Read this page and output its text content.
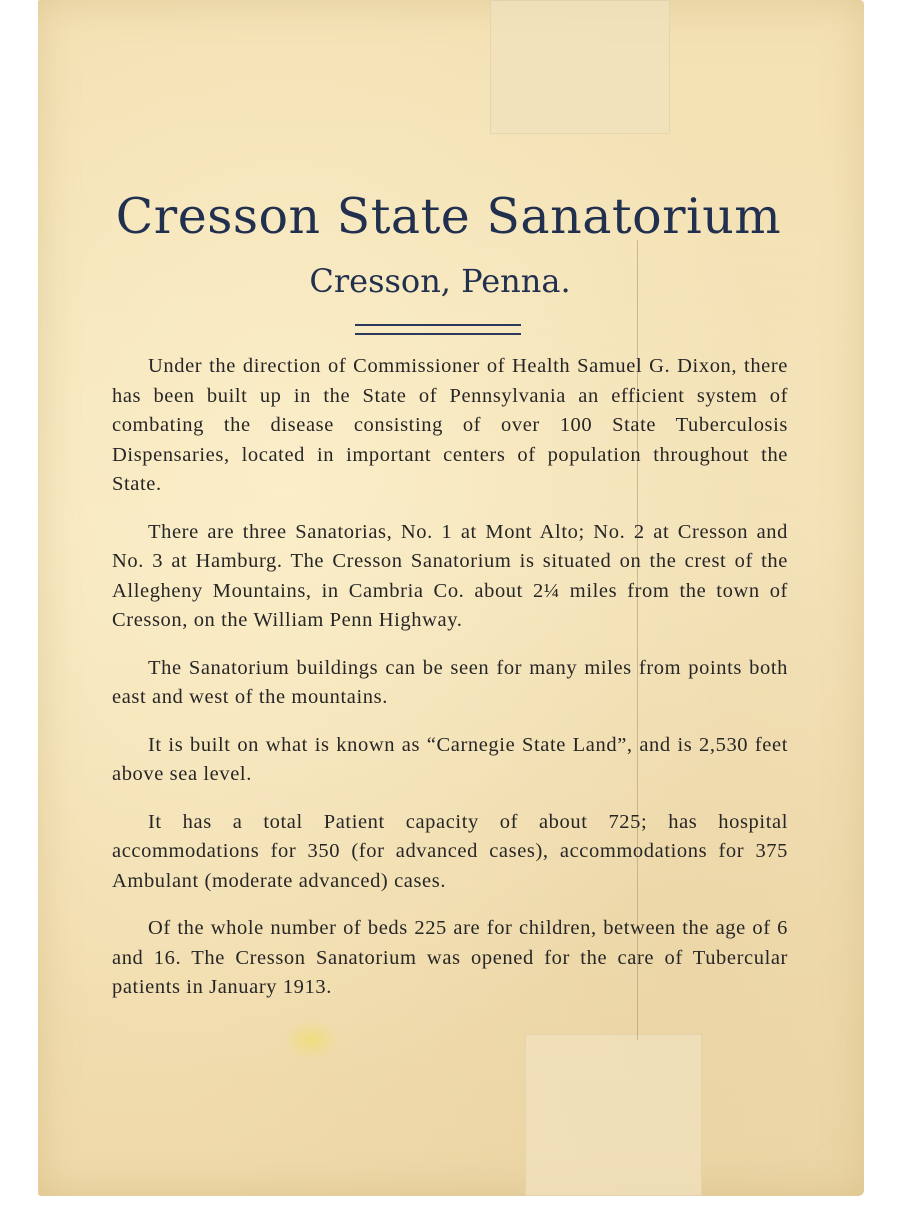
Cresson State Sanatorium
Cresson, Penna.

Under the direction of Commissioner of Health Samuel G. Dixon, there has been built up in the State of Pennsylvania an efficient system of combating the disease consisting of over 100 State Tuberculosis Dispensaries, located in important centers of population throughout the State.

There are three Sanatorias, No. 1 at Mont Alto; No. 2 at Cresson and No. 3 at Hamburg. The Cresson Sanatorium is situated on the crest of the Allegheny Mountains, in Cambria Co. about 2¼ miles from the town of Cresson, on the William Penn Highway.

The Sanatorium buildings can be seen for many miles from points both east and west of the mountains.

It is built on what is known as “Carnegie State Land”, and is 2,530 feet above sea level.

It has a total Patient capacity of about 725; has hospital accommodations for 350 (for advanced cases), accommodations for 375 Ambulant (moderate advanced) cases.

Of the whole number of beds 225 are for children, between the age of 6 and 16. The Cresson Sanatorium was opened for the care of Tubercular patients in January 1913.
